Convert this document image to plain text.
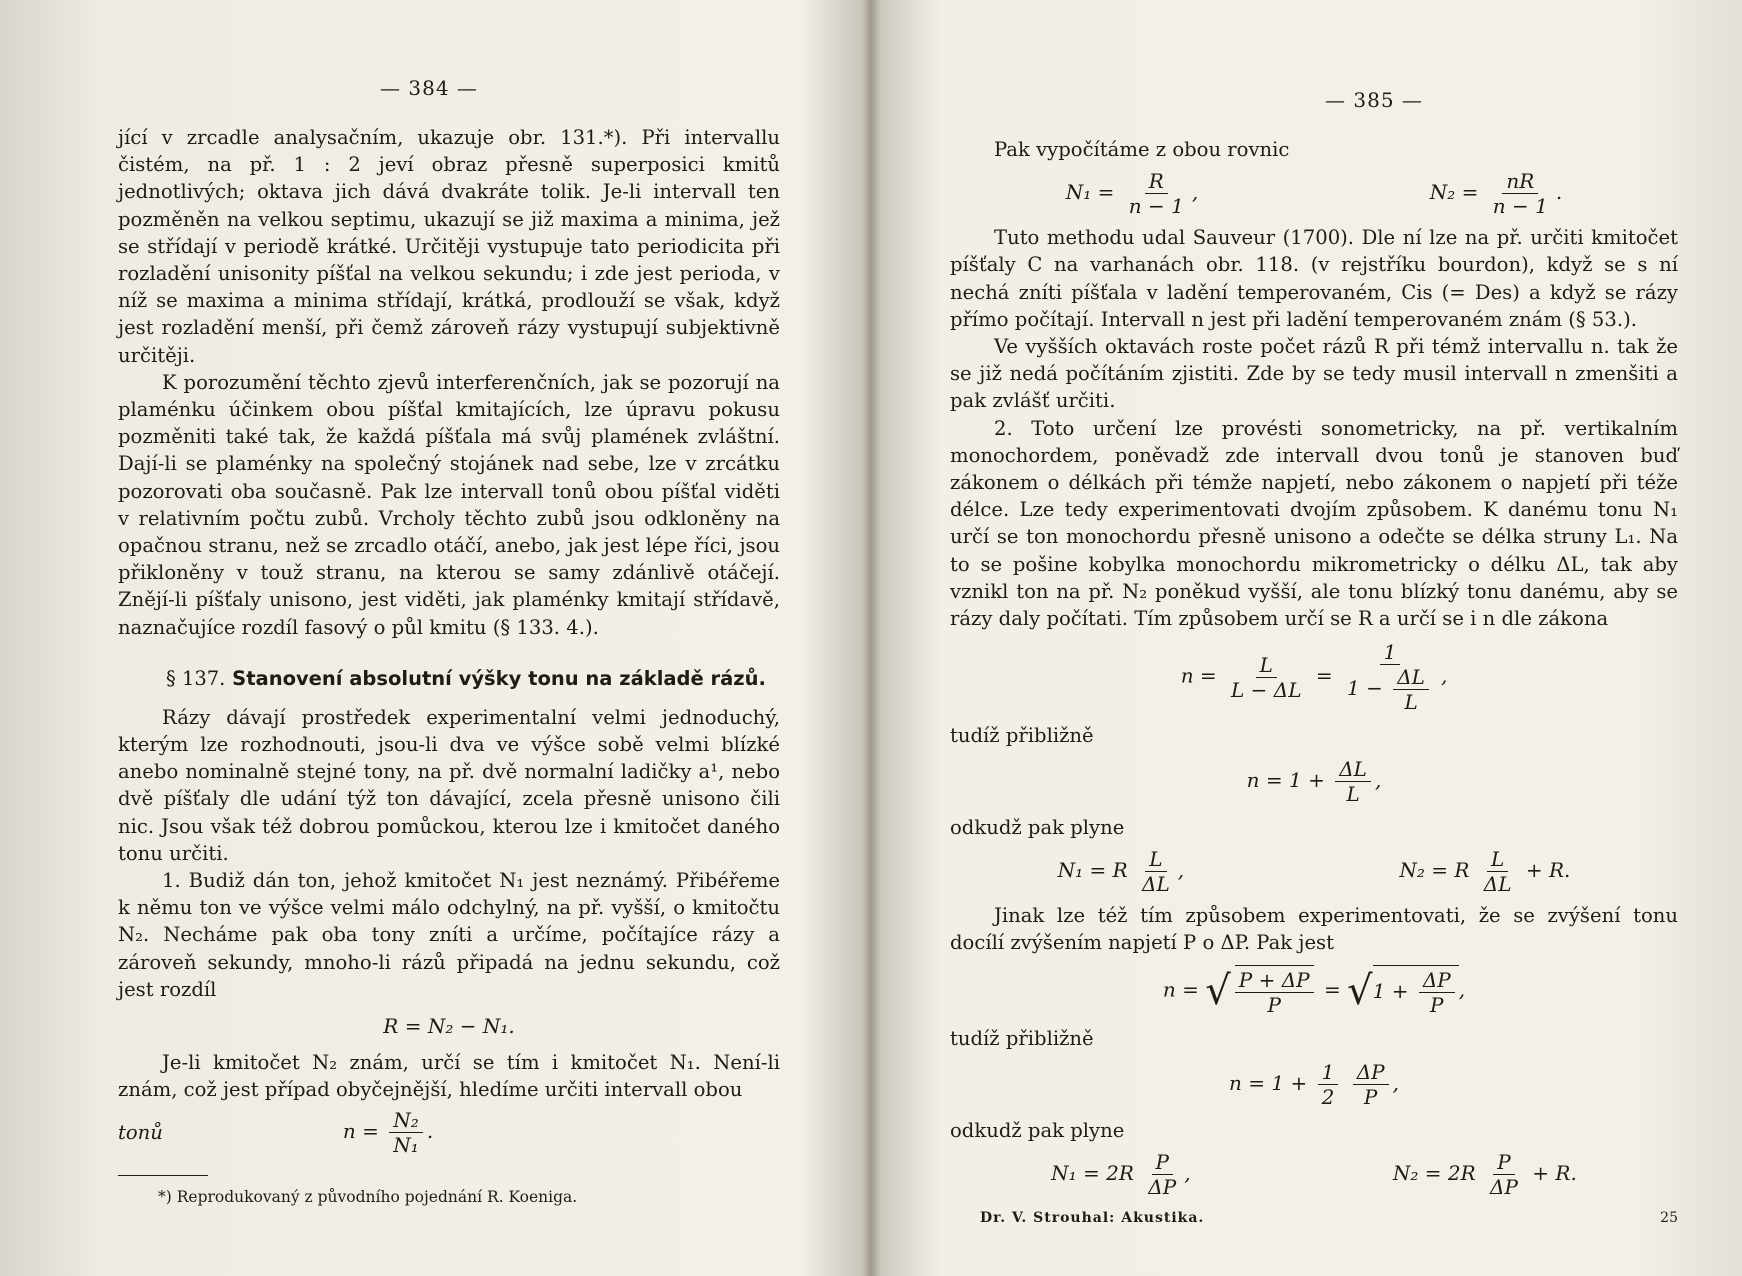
— 384 —

jící v zrcadle analysačním, ukazuje obr. 131.*). Při intervallu čistém, na př. 1 : 2 jeví obraz přesně superposici kmitů jednotlivých; oktava jich dává dvakráte tolik. Je-li intervall ten pozměněn na velkou septimu, ukazují se již maxima a minima, jež se střídají v periodě krátké. Určitěji vystupuje tato periodicita při rozladění unisonity píšťal na velkou sekundu; i zde jest perioda, v níž se maxima a minima střídají, krátká, prodlouží se však, když jest rozladění menší, při čemž zároveň rázy vystupují subjektivně určitěji.

K porozumění těchto zjevů interferenčních, jak se pozorují na plaménku účinkem obou píšťal kmitajících, lze úpravu pokusu pozměniti také tak, že každá píšťala má svůj plamének zvláštní. Dají-li se plaménky na společný stojánek nad sebe, lze v zrcátku pozorovati oba současně. Pak lze intervall tonů obou píšťal viděti v relativním počtu zubů. Vrcholy těchto zubů jsou odkloněny na opačnou stranu, než se zrcadlo otáčí, anebo, jak jest lépe říci, jsou přikloněny v touž stranu, na kterou se samy zdánlivě otáčejí. Znějí-li píšťaly unisono, jest viděti, jak plaménky kmitají střídavě, naznačujíce rozdíl fasový o půl kmitu (§ 133. 4.).

§ 137. Stanovení absolutní výšky tonu na základě rázů.

Rázy dávají prostředek experimentalní velmi jednoduchý, kterým lze rozhodnouti, jsou-li dva ve výšce sobě velmi blízké anebo nominalně stejné tony, na př. dvě normalní ladičky a¹, nebo dvě píšťaly dle udání týž ton dávající, zcela přesně unisono čili nic. Jsou však též dobrou pomůckou, kterou lze i kmitočet daného tonu určiti.

1. Budiž dán ton, jehož kmitočet N₁ jest neznámý. Přibéřeme k němu ton ve výšce velmi málo odchylný, na př. vyšší, o kmitočtu N₂. Necháme pak oba tony zníti a určíme, počítajíce rázy a zároveň sekundy, mnoho-li rázů připadá na jednu sekundu, což jest rozdíl

R = N₂ − N₁.

Je-li kmitočet N₂ znám, určí se tím i kmitočet N₁. Není-li znám, což jest případ obyčejnější, hledíme určiti intervall obou

tonů	$n = \frac{\text{N₂}}{\text{N₁}}$ .
*) Reprodukovaný z původního pojednání R. Koeniga.
— 385 —

Pak vypočítáme z obou rovnic

$N_1 = \frac{R}{n - 1}$ ,	$N_2 = \frac{nR}{n - 1}$ .

Tuto methodu udal Sauveur (1700). Dle ní lze na př. určiti kmitočet píšťaly C na varhanách obr. 118. (v rejstříku bourdon), když se s ní nechá zníti píšťala v ladění temperovaném, Cis (= Des) a když se rázy přímo počítají. Intervall n jest při ladění temperovaném znám (§ 53.).

Ve vyšších oktavách roste počet rázů R při témž intervallu n. tak že se již nedá počítáním zjistiti. Zde by se tedy musil intervall n zmenšiti a pak zvlášť určiti.

2. Toto určení lze provésti sonometricky, na př. vertikalním monochordem, poněvadž zde intervall dvou tonů je stanoven buď zákonem o délkách při témže napjetí, nebo zákonem o napjetí při téže délce. Lze tedy experimentovati dvojím způsobem. K danému tonu N₁ určí se ton monochordu přesně unisono a odečte se délka struny L₁. Na to se pošine kobylka monochordu mikrometricky o délku ΔL, tak aby vznikl ton na př. N₂ poněkud vyšší, ale tonu blízký tonu danému, aby se rázy daly počítati. Tím způsobem určí se R a určí se i n dle zákona

$n = \frac{L}{L - \Delta L} = \frac{1}{1 - \frac{\Delta L}{L}}$ ,
tudíž přibližně
$n = 1 + \frac{\Delta L}{L}$ ,
odkudž pak plyne
N₁ = R $\frac{L}{\Delta L}$ ,	N₂ = R $\frac{L}{\Delta L} + R$.

Jinak lze též tím způsobem experimentovati, že se zvýšení tonu docílí zvýšením napjetí P o ΔP. Pak jest

n = √ $\frac{P + \Delta P}{P}$ = √ $1 + \frac{\Delta P}{P}$ ,
tudíž přibližně
$n = 1 + \frac{1}{2}$
$\frac{\Delta P}{P}$ ,
odkudž pak plyne
$N_1 = 2R \frac{P}{\Delta P}$ ,	$N_2 = 2R \frac{P}{\Delta P} + R$.
Dr. V. Strouhal: Akustika.	25
